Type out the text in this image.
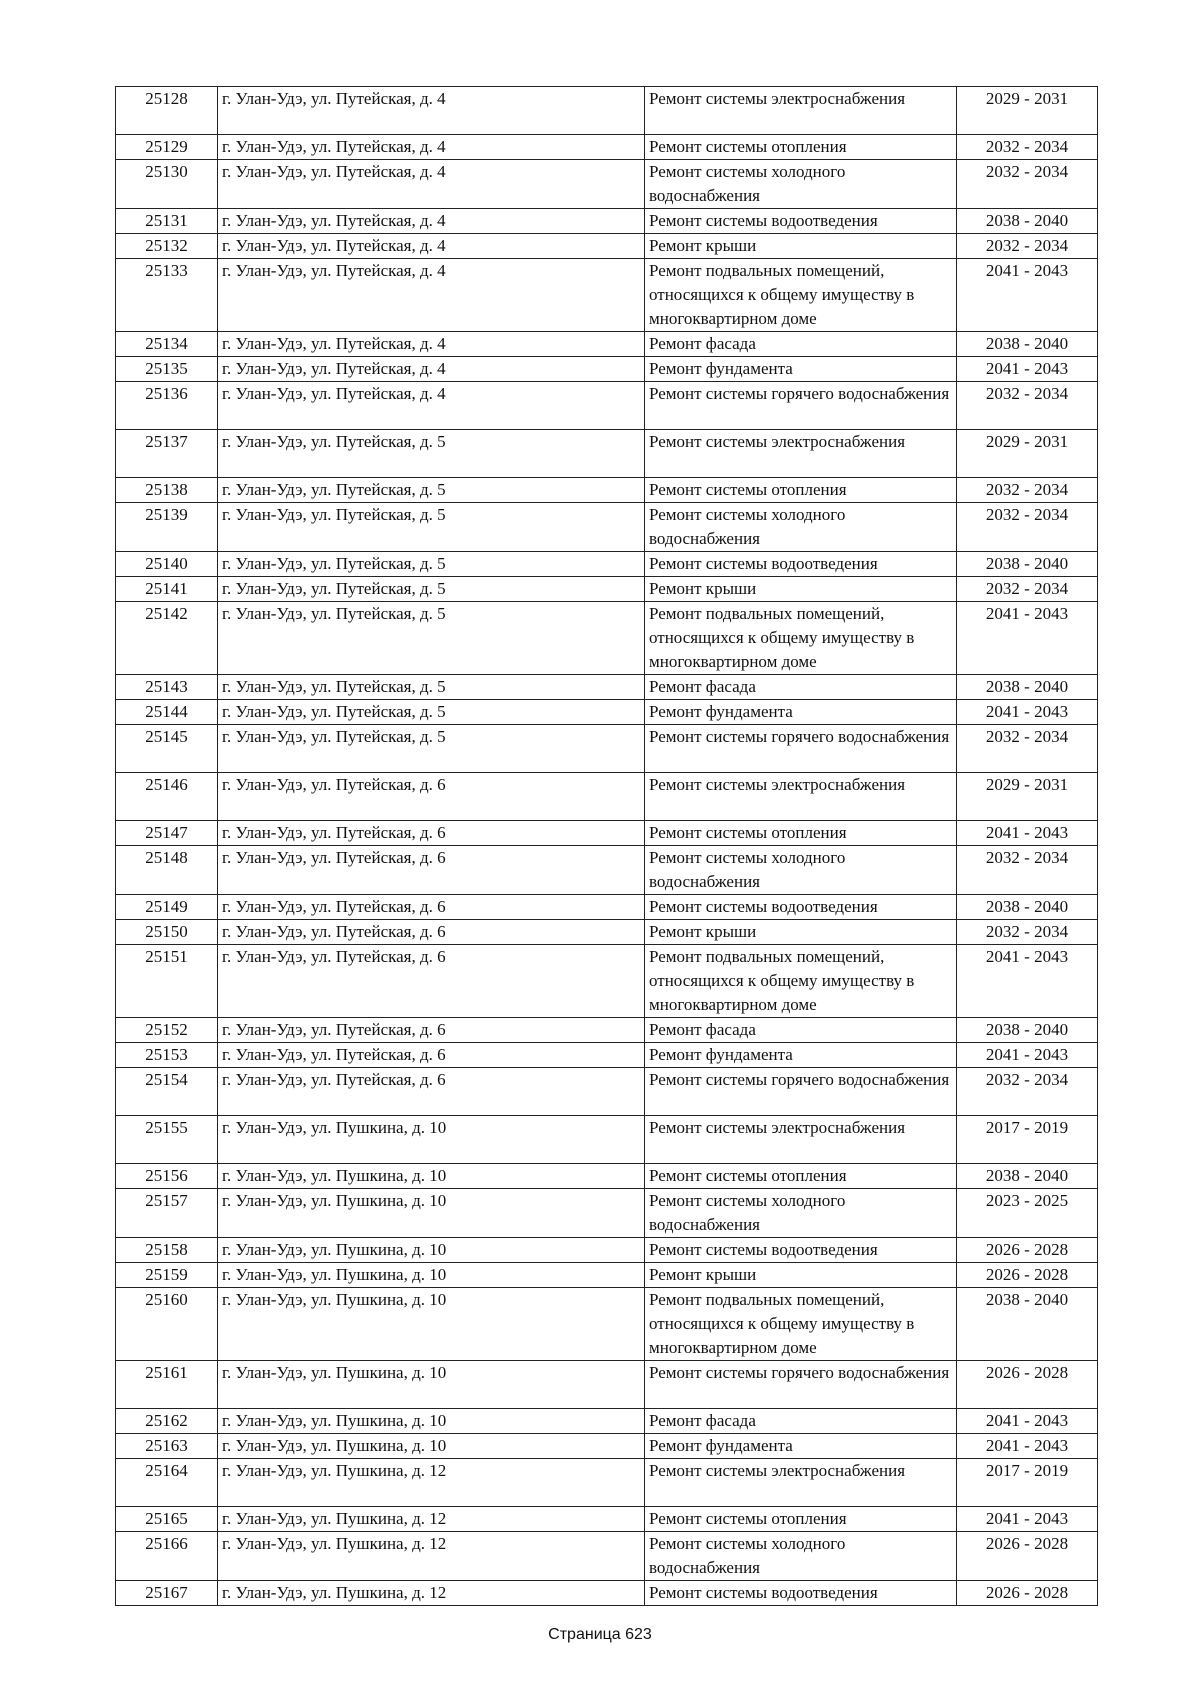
25128	г. Улан-Удэ, ул. Путейская, д. 4	Ремонт системы электроснабжения	2029 - 2031
25129	г. Улан-Удэ, ул. Путейская, д. 4	Ремонт системы отопления	2032 - 2034
25130	г. Улан-Удэ, ул. Путейская, д. 4	Ремонт системы холодного водоснабжения	2032 - 2034
25131	г. Улан-Удэ, ул. Путейская, д. 4	Ремонт системы водоотведения	2038 - 2040
25132	г. Улан-Удэ, ул. Путейская, д. 4	Ремонт крыши	2032 - 2034
25133	г. Улан-Удэ, ул. Путейская, д. 4	Ремонт подвальных помещений, относящихся к общему имуществу в многоквартирном доме	2041 - 2043
25134	г. Улан-Удэ, ул. Путейская, д. 4	Ремонт фасада	2038 - 2040
25135	г. Улан-Удэ, ул. Путейская, д. 4	Ремонт фундамента	2041 - 2043
25136	г. Улан-Удэ, ул. Путейская, д. 4	Ремонт системы горячего водоснабжения	2032 - 2034
25137	г. Улан-Удэ, ул. Путейская, д. 5	Ремонт системы электроснабжения	2029 - 2031
25138	г. Улан-Удэ, ул. Путейская, д. 5	Ремонт системы отопления	2032 - 2034
25139	г. Улан-Удэ, ул. Путейская, д. 5	Ремонт системы холодного водоснабжения	2032 - 2034
25140	г. Улан-Удэ, ул. Путейская, д. 5	Ремонт системы водоотведения	2038 - 2040
25141	г. Улан-Удэ, ул. Путейская, д. 5	Ремонт крыши	2032 - 2034
25142	г. Улан-Удэ, ул. Путейская, д. 5	Ремонт подвальных помещений, относящихся к общему имуществу в многоквартирном доме	2041 - 2043
25143	г. Улан-Удэ, ул. Путейская, д. 5	Ремонт фасада	2038 - 2040
25144	г. Улан-Удэ, ул. Путейская, д. 5	Ремонт фундамента	2041 - 2043
25145	г. Улан-Удэ, ул. Путейская, д. 5	Ремонт системы горячего водоснабжения	2032 - 2034
25146	г. Улан-Удэ, ул. Путейская, д. 6	Ремонт системы электроснабжения	2029 - 2031
25147	г. Улан-Удэ, ул. Путейская, д. 6	Ремонт системы отопления	2041 - 2043
25148	г. Улан-Удэ, ул. Путейская, д. 6	Ремонт системы холодного водоснабжения	2032 - 2034
25149	г. Улан-Удэ, ул. Путейская, д. 6	Ремонт системы водоотведения	2038 - 2040
25150	г. Улан-Удэ, ул. Путейская, д. 6	Ремонт крыши	2032 - 2034
25151	г. Улан-Удэ, ул. Путейская, д. 6	Ремонт подвальных помещений, относящихся к общему имуществу в многоквартирном доме	2041 - 2043
25152	г. Улан-Удэ, ул. Путейская, д. 6	Ремонт фасада	2038 - 2040
25153	г. Улан-Удэ, ул. Путейская, д. 6	Ремонт фундамента	2041 - 2043
25154	г. Улан-Удэ, ул. Путейская, д. 6	Ремонт системы горячего водоснабжения	2032 - 2034
25155	г. Улан-Удэ, ул. Пушкина, д. 10	Ремонт системы электроснабжения	2017 - 2019
25156	г. Улан-Удэ, ул. Пушкина, д. 10	Ремонт системы отопления	2038 - 2040
25157	г. Улан-Удэ, ул. Пушкина, д. 10	Ремонт системы холодного водоснабжения	2023 - 2025
25158	г. Улан-Удэ, ул. Пушкина, д. 10	Ремонт системы водоотведения	2026 - 2028
25159	г. Улан-Удэ, ул. Пушкина, д. 10	Ремонт крыши	2026 - 2028
25160	г. Улан-Удэ, ул. Пушкина, д. 10	Ремонт подвальных помещений, относящихся к общему имуществу в многоквартирном доме	2038 - 2040
25161	г. Улан-Удэ, ул. Пушкина, д. 10	Ремонт системы горячего водоснабжения	2026 - 2028
25162	г. Улан-Удэ, ул. Пушкина, д. 10	Ремонт фасада	2041 - 2043
25163	г. Улан-Удэ, ул. Пушкина, д. 10	Ремонт фундамента	2041 - 2043
25164	г. Улан-Удэ, ул. Пушкина, д. 12	Ремонт системы электроснабжения	2017 - 2019
25165	г. Улан-Удэ, ул. Пушкина, д. 12	Ремонт системы отопления	2041 - 2043
25166	г. Улан-Удэ, ул. Пушкина, д. 12	Ремонт системы холодного водоснабжения	2026 - 2028
25167	г. Улан-Удэ, ул. Пушкина, д. 12	Ремонт системы водоотведения	2026 - 2028
Страница 623
